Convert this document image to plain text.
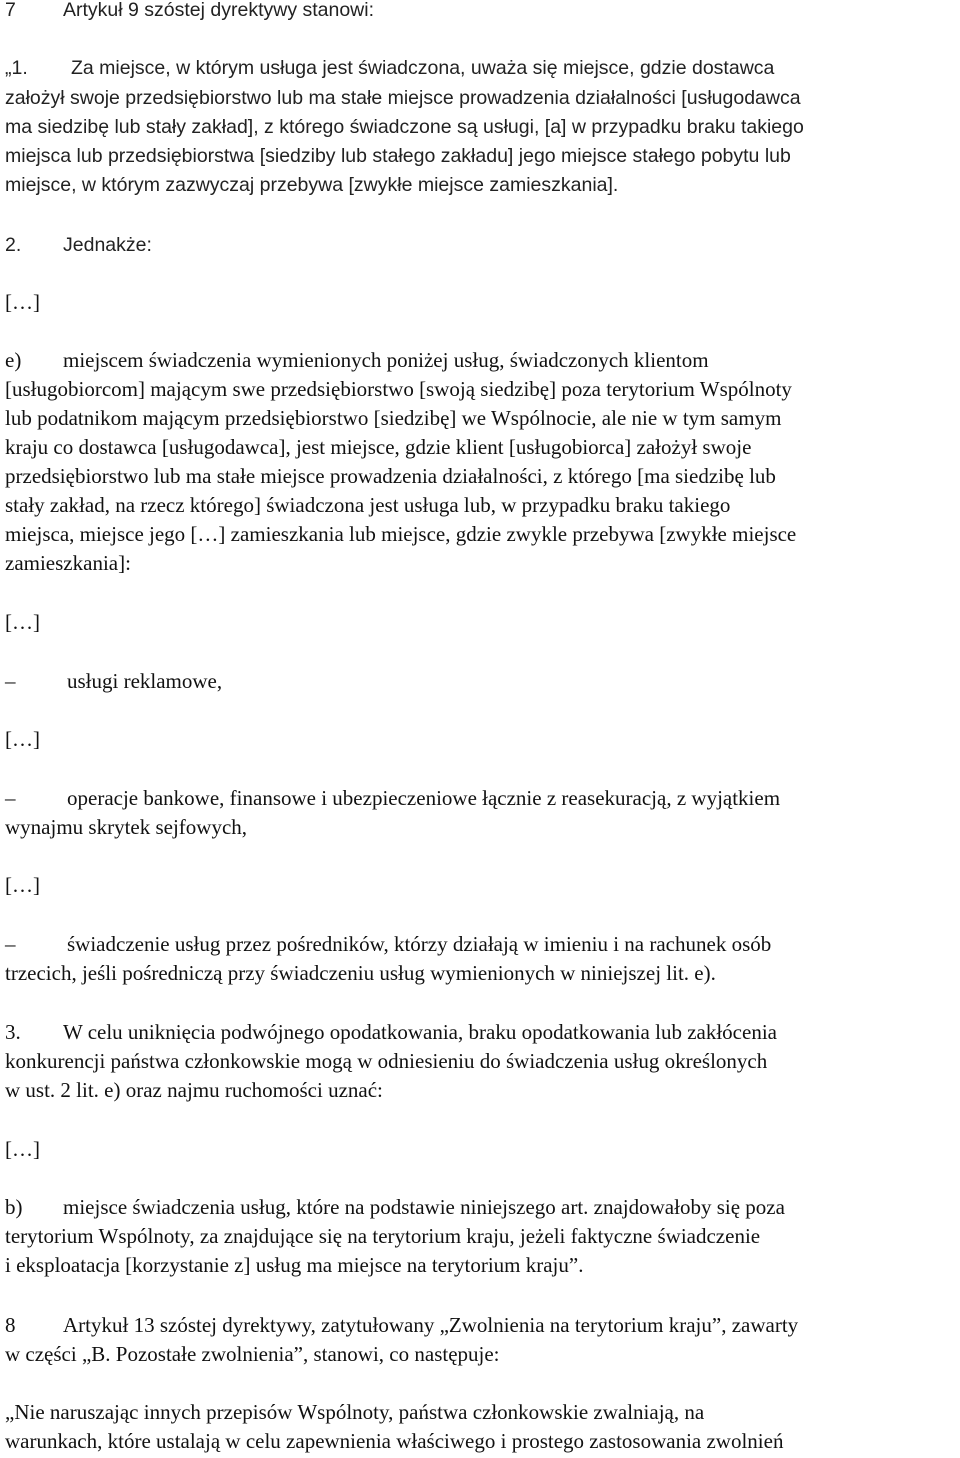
7 Artykuł 9 szóstej dyrektywy stanowi:
„1. Za miejsce, w którym usługa jest świadczona, uważa się miejsce, gdzie dostawca
założył swoje przedsiębiorstwo lub ma stałe miejsce prowadzenia działalności [usługodawca
ma siedzibę lub stały zakład], z którego świadczone są usługi, [a] w przypadku braku takiego
miejsca lub przedsiębiorstwa [siedziby lub stałego zakładu] jego miejsce stałego pobytu lub
miejsce, w którym zazwyczaj przebywa [zwykłe miejsce zamieszkania].
2. Jednakże:
[…]
e) miejscem świadczenia wymienionych poniżej usług, świadczonych klientom
[usługobiorcom] mającym swe przedsiębiorstwo [swoją siedzibę] poza terytorium Wspólnoty
lub podatnikom mającym przedsiębiorstwo [siedzibę] we Wspólnocie, ale nie w tym samym
kraju co dostawca [usługodawca], jest miejsce, gdzie klient [usługobiorca] założył swoje
przedsiębiorstwo lub ma stałe miejsce prowadzenia działalności, z którego [ma siedzibę lub
stały zakład, na rzecz którego] świadczona jest usługa lub, w przypadku braku takiego
miejsca, miejsce jego […] zamieszkania lub miejsce, gdzie zwykle przebywa [zwykłe miejsce
zamieszkania]:
[…]
– usługi reklamowe,
[…]
– operacje bankowe, finansowe i ubezpieczeniowe łącznie z reasekuracją, z wyjątkiem
wynajmu skrytek sejfowych,
[…]
– świadczenie usług przez pośredników, którzy działają w imieniu i na rachunek osób
trzecich, jeśli pośredniczą przy świadczeniu usług wymienionych w niniejszej lit. e).
3. W celu uniknięcia podwójnego opodatkowania, braku opodatkowania lub zakłócenia
konkurencji państwa członkowskie mogą w odniesieniu do świadczenia usług określonych
w ust. 2 lit. e) oraz najmu ruchomości uznać:
[…]
b) miejsce świadczenia usług, które na podstawie niniejszego art. znajdowałoby się poza
terytorium Wspólnoty, za znajdujące się na terytorium kraju, jeżeli faktyczne świadczenie
i eksploatacja [korzystanie z] usług ma miejsce na terytorium kraju”.
8 Artykuł 13 szóstej dyrektywy, zatytułowany „Zwolnienia na terytorium kraju”, zawarty
w części „B. Pozostałe zwolnienia”, stanowi, co następuje:
„Nie naruszając innych przepisów Wspólnoty, państwa członkowskie zwalniają, na
warunkach, które ustalają w celu zapewnienia właściwego i prostego zastosowania zwolnień
